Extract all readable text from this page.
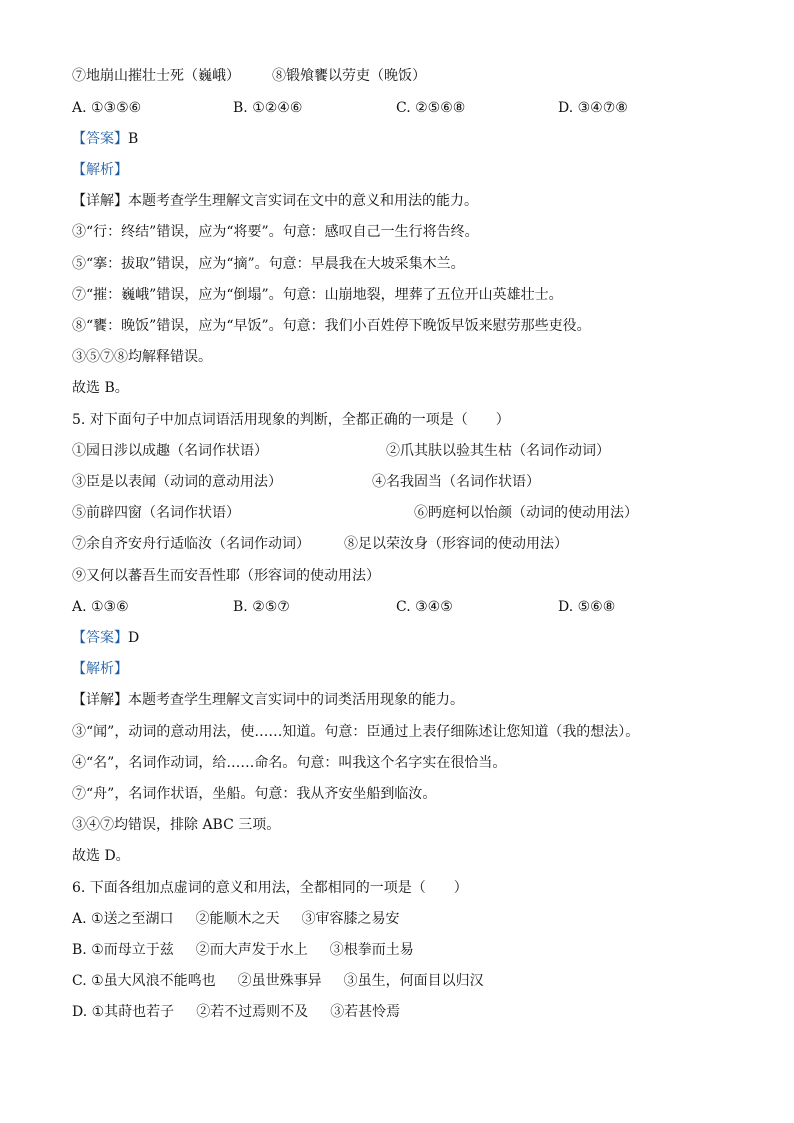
⑦地崩山摧壮士死（巍峨） ⑧锻飧饔以劳吏（晚饭）
A. ①③⑤⑥	B. ①②④⑥	C. ②⑤⑥⑧	D. ③④⑦⑧
【答案】B
【解析】
【详解】本题考查学生理解文言实词在文中的意义和用法的能力。
③“行：终结”错误，应为“将要”。句意：感叹自己一生行将告终。
⑤“搴：拔取”错误，应为“摘”。句意：早晨我在大坡采集木兰。
⑦“摧：巍峨”错误，应为“倒塌”。句意：山崩地裂，埋葬了五位开山英雄壮士。
⑧“饔：晚饭”错误，应为“早饭”。句意：我们小百姓停下晚饭早饭来慰劳那些吏役。
③⑤⑦⑧均解释错误。
故选 B。
5. 对下面句子中加点词语活用现象的判断，全都正确的一项是（　　）
①园日涉以成趣（名词作状语）	②爪其肤以验其生枯（名词作动词）
③臣是以表闻（动词的意动用法）	④名我固当（名词作状语）
⑤前辟四窗（名词作状语）	⑥眄庭柯以怡颜（动词的使动用法）
⑦余自齐安舟行适临汝（名词作动词） ⑧足以荣汝身（形容词的使动用法）
⑨又何以蕃吾生而安吾性耶（形容词的使动用法）
A. ①③⑥	B. ②⑤⑦	C. ③④⑤	D. ⑤⑥⑧
【答案】D
【解析】
【详解】本题考查学生理解文言实词中的词类活用现象的能力。
③“闻”，动词的意动用法，使……知道。句意：臣通过上表仔细陈述让您知道（我的想法）。
④“名”，名词作动词，给……命名。句意：叫我这个名字实在很恰当。
⑦“舟”，名词作状语，坐船。句意：我从齐安坐船到临汝。
③④⑦均错误，排除 ABC 三项。
故选 D。
6. 下面各组加点虚词的意义和用法，全都相同的一项是（　　）
A. ①送之至湖口 ②能顺木之天 ③审容膝之易安
B. ①而母立于兹 ②而大声发于水上 ③根拳而土易
C. ①虽大风浪不能鸣也 ②虽世殊事异 ③虽生，何面目以归汉
D. ①其莳也若子 ②若不过焉则不及 ③若甚怜焉
